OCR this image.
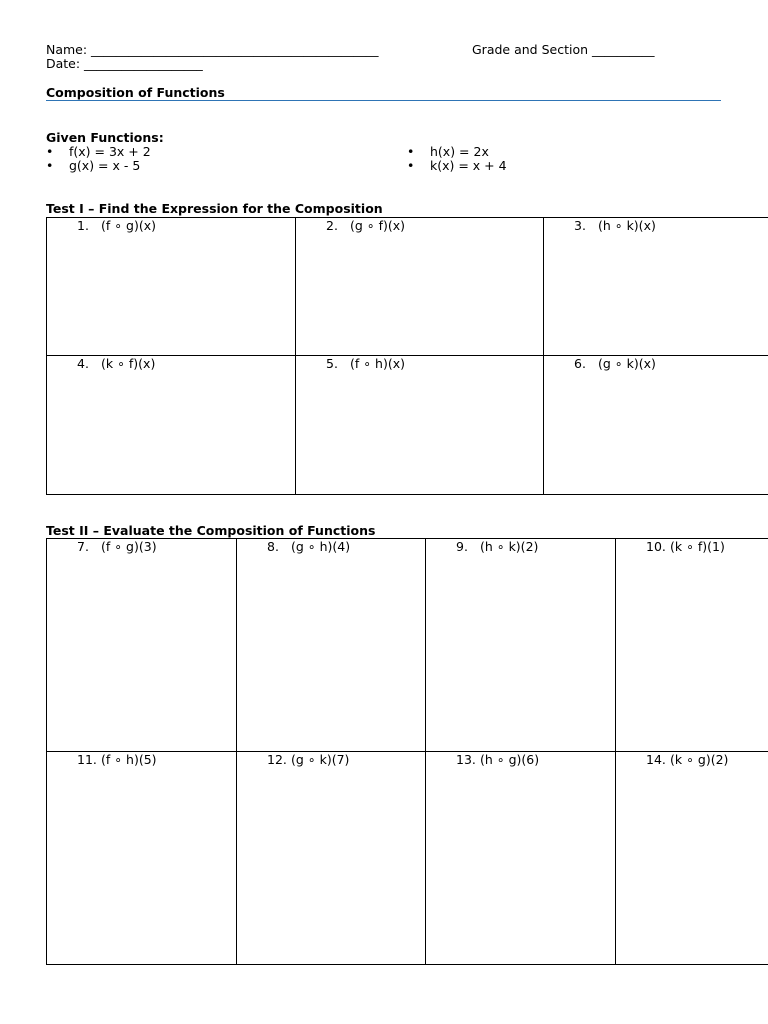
Name: ______________________________________________	Grade and Section __________
Date: ___________________
Composition of Functions
Given Functions:
• f(x) = 3x + 2
• g(x) = x - 5
• h(x) = 2x
• k(x) = x + 4
Test I – Find the Expression for the Composition
1. (f ∘ g)(x)	2. (g ∘ f)(x)	3. (h ∘ k)(x)

4. (k ∘ f)(x)	5. (f ∘ h)(x)	6. (g ∘ k)(x)
Test II – Evaluate the Composition of Functions
7. (f ∘ g)(3)	8. (g ∘ h)(4)	9. (h ∘ k)(2)	10. (k ∘ f)(1)

11. (f ∘ h)(5)	12. (g ∘ k)(7)	13. (h ∘ g)(6)	14. (k ∘ g)(2)
